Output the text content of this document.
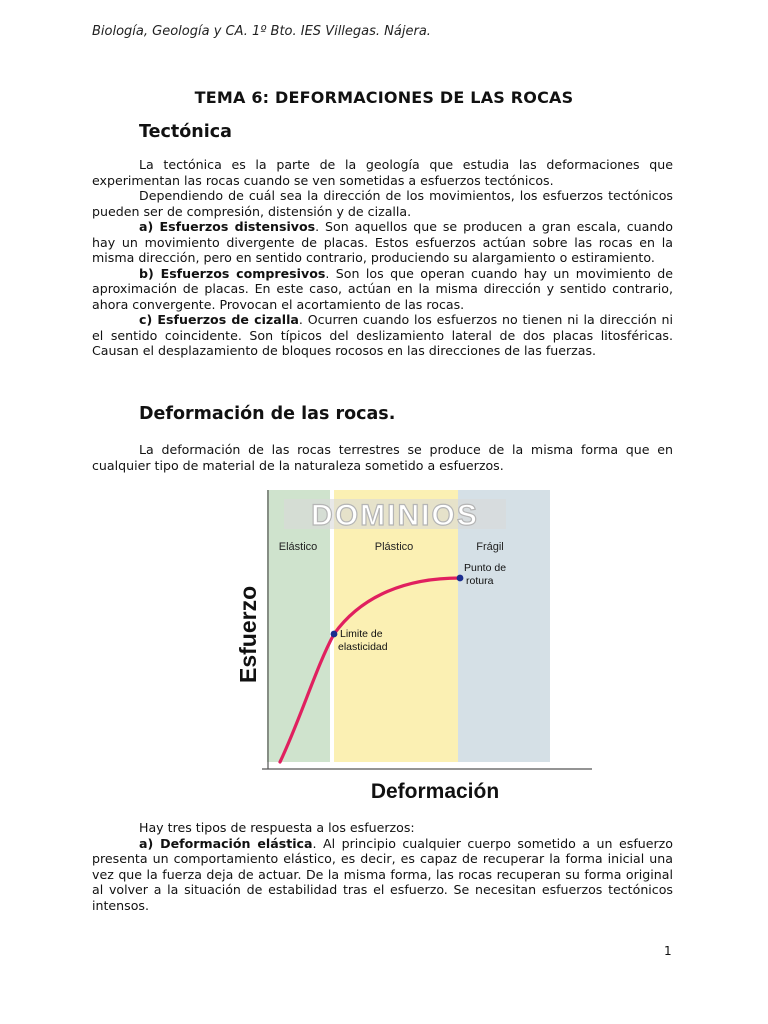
Biología, Geología y CA. 1º Bto. IES Villegas. Nájera.
TEMA 6: DEFORMACIONES DE LAS ROCAS
Tectónica

La tectónica es la parte de la geología que estudia las deformaciones que experimentan las rocas cuando se ven sometidas a esfuerzos tectónicos.

Dependiendo de cuál sea la dirección de los movimientos, los esfuerzos tectónicos pueden ser de compresión, distensión y de cizalla.

a) Esfuerzos distensivos. Son aquellos que se producen a gran escala, cuando hay un movimiento divergente de placas. Estos esfuerzos actúan sobre las rocas en la misma dirección, pero en sentido contrario, produciendo su alargamiento o estiramiento.

b) Esfuerzos compresivos. Son los que operan cuando hay un movimiento de aproximación de placas. En este caso, actúan en la misma dirección y sentido contrario, ahora convergente. Provocan el acortamiento de las rocas.

c) Esfuerzos de cizalla. Ocurren cuando los esfuerzos no tienen ni la dirección ni el sentido coincidente. Son típicos del deslizamiento lateral de dos placas litosféricas. Causan el desplazamiento de bloques rocosos en las direcciones de las fuerzas.

Deformación de las rocas.

La deformación de las rocas terrestres se produce de la misma forma que en cualquier tipo de material de la naturaleza sometido a esfuerzos.

DOMINIOS
Elástico	Plástico	Frágil
Limite de
elasticidad
Punto de
rotura
Esfuerzo
Deformación

Hay tres tipos de respuesta a los esfuerzos:

a) Deformación elástica. Al principio cualquier cuerpo sometido a un esfuerzo presenta un comportamiento elástico, es decir, es capaz de recuperar la forma inicial una vez que la fuerza deja de actuar. De la misma forma, las rocas recuperan su forma original al volver a la situación de estabilidad tras el esfuerzo. Se necesitan esfuerzos tectónicos intensos.

1
